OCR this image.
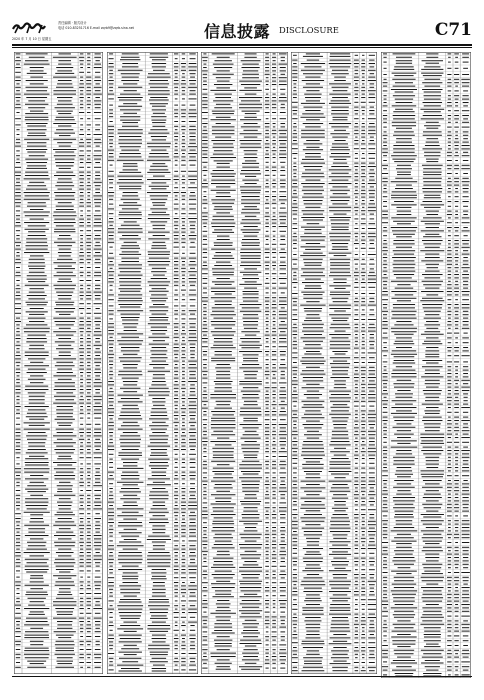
责任编辑 · 版式设计
电话 010-83251716 E-mail zqrb9@zqrb.sina.net
2020 年 7 月 10 日 星期五	信息披露 DISCLOSURE	C71
